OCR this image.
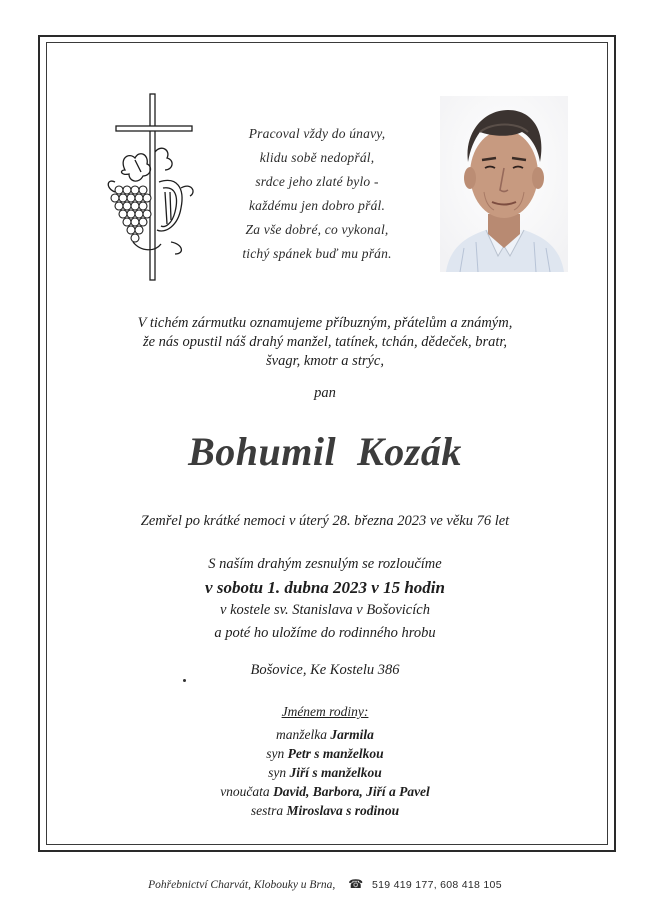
Pracoval vždy do únavy,
klidu sobě nedopřál,
srdce jeho zlaté bylo -
každému jen dobro přál.
Za vše dobré, co vykonal,
tichý spánek buď mu přán.
V tichém zármutku oznamujeme příbuzným, přátelům a známým,
že nás opustil náš drahý manžel, tatínek, tchán, dědeček, bratr,
švagr, kmotr a strýc,
pan
Bohumil  Kozák
Zemřel po krátké nemoci v úterý 28. března 2023 ve věku 76 let
S naším drahým zesnulým se rozloučíme
v sobotu 1. dubna 2023 v 15 hodin
v kostele sv. Stanislava v Bošovicích
a poté ho uložíme do rodinného hrobu
Bošovice, Ke Kostelu 386
Jménem rodiny:
manželka Jarmila
syn Petr s manželkou
syn Jiří s manželkou
vnoučata David, Barbora, Jiří a Pavel
sestra Miroslava s rodinou
Pohřebnictví Charvát, Klobouky u Brna, ☎ 519 419 177, 608 418 105
